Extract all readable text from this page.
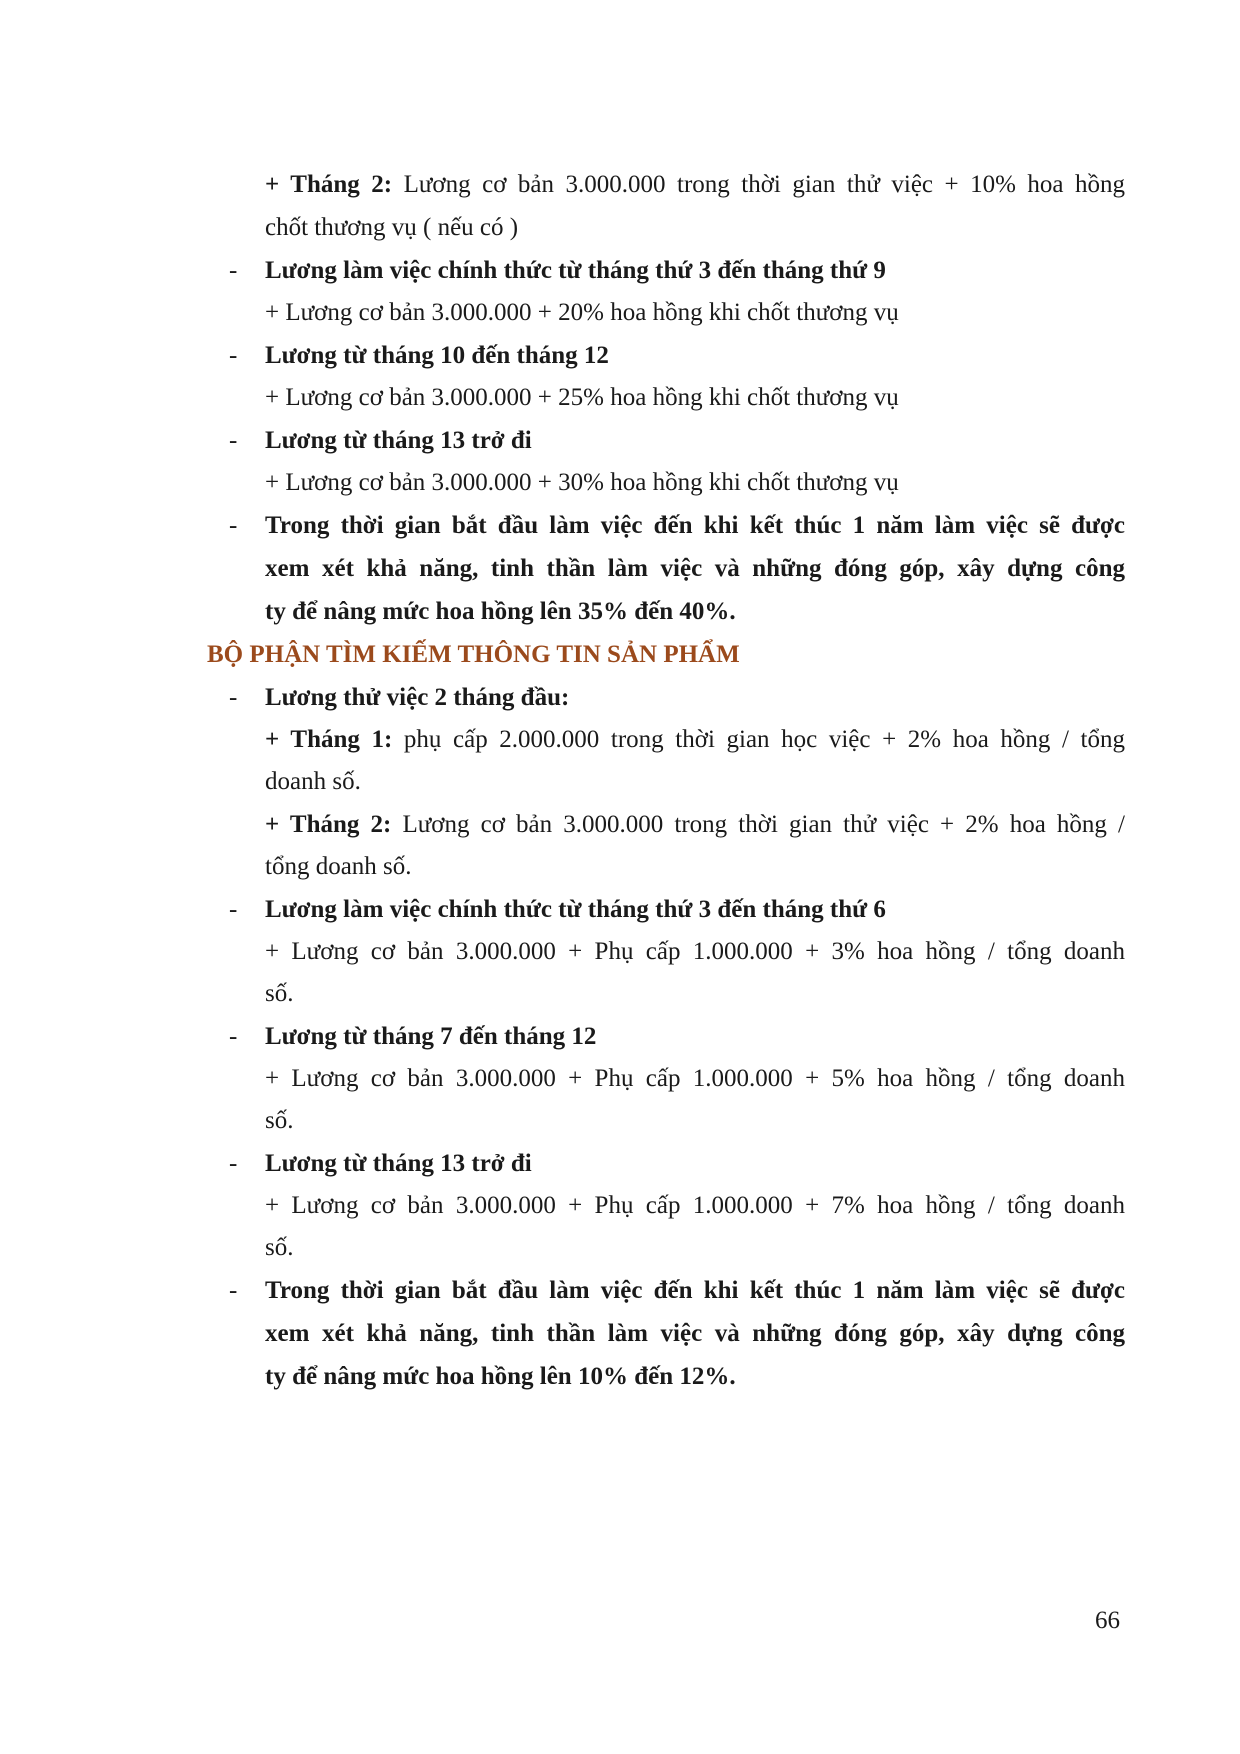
+ Tháng 2: Lương cơ bản 3.000.000 trong thời gian thử việc + 10% hoa hồng
chốt thương vụ ( nếu có )
- Lương làm việc chính thức từ tháng thứ 3 đến tháng thứ 9
+ Lương cơ bản 3.000.000 + 20% hoa hồng khi chốt thương vụ
- Lương từ tháng 10 đến tháng 12
+ Lương cơ bản 3.000.000 + 25% hoa hồng khi chốt thương vụ
- Lương từ tháng 13 trở đi
+ Lương cơ bản 3.000.000 + 30% hoa hồng khi chốt thương vụ
- Trong thời gian bắt đầu làm việc đến khi kết thúc 1 năm làm việc sẽ được
xem xét khả năng, tinh thần làm việc và những đóng góp, xây dựng công
ty để nâng mức hoa hồng lên 35% đến 40%.
BỘ PHẬN TÌM KIẾM THÔNG TIN SẢN PHẨM
- Lương thử việc 2 tháng đầu:
+ Tháng 1: phụ cấp 2.000.000 trong thời gian học việc + 2% hoa hồng / tổng
doanh số.
+ Tháng 2: Lương cơ bản 3.000.000 trong thời gian thử việc + 2% hoa hồng /
tổng doanh số.
- Lương làm việc chính thức từ tháng thứ 3 đến tháng thứ 6
+ Lương cơ bản 3.000.000 + Phụ cấp 1.000.000 + 3% hoa hồng / tổng doanh
số.
- Lương từ tháng 7 đến tháng 12
+ Lương cơ bản 3.000.000 + Phụ cấp 1.000.000 + 5% hoa hồng / tổng doanh
số.
- Lương từ tháng 13 trở đi
+ Lương cơ bản 3.000.000 + Phụ cấp 1.000.000 + 7% hoa hồng / tổng doanh
số.
- Trong thời gian bắt đầu làm việc đến khi kết thúc 1 năm làm việc sẽ được
xem xét khả năng, tinh thần làm việc và những đóng góp, xây dựng công
ty để nâng mức hoa hồng lên 10% đến 12%.
66
